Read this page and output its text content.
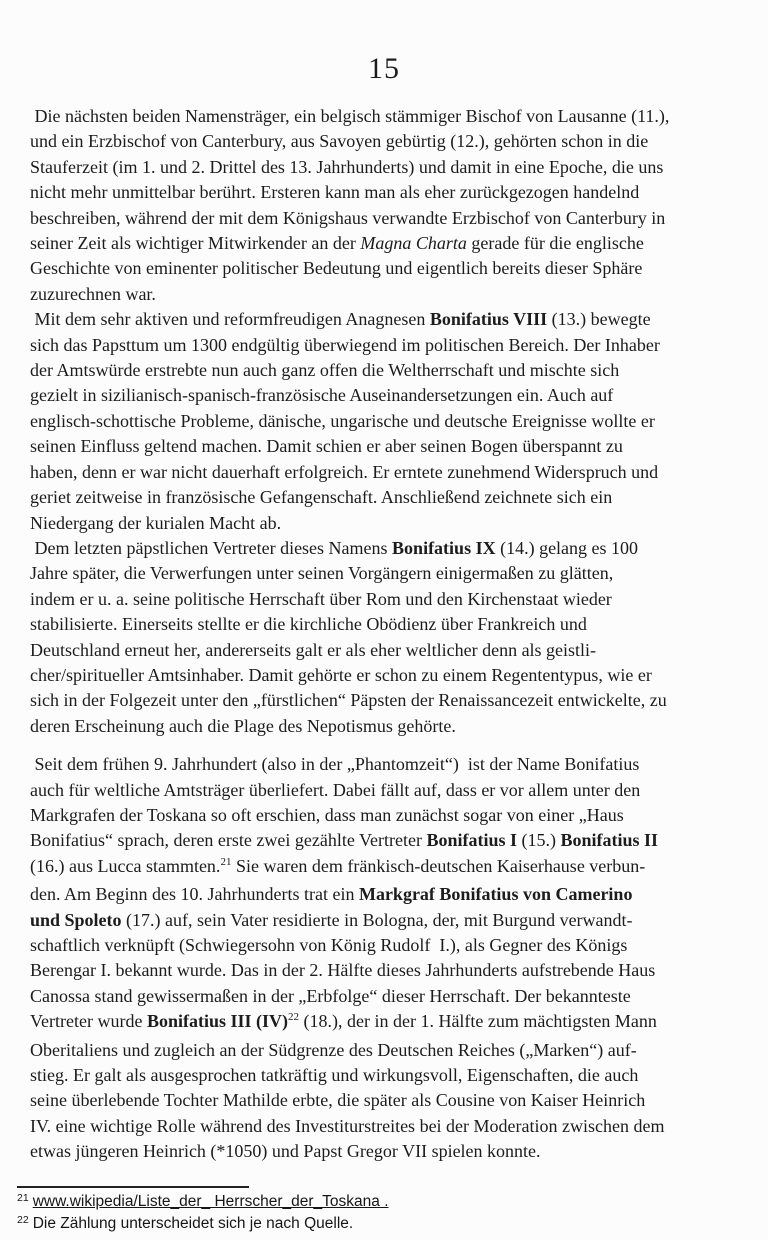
15
Die nächsten beiden Namensträger, ein belgisch stämmiger Bischof von Lausanne (11.),
und ein Erzbischof von Canterbury, aus Savoyen gebürtig (12.), gehörten schon in die
Stauferzeit (im 1. und 2. Drittel des 13. Jahrhunderts) und damit in eine Epoche, die uns
nicht mehr unmittelbar berührt. Ersteren kann man als eher zurückgezogen handelnd
beschreiben, während der mit dem Königshaus verwandte Erzbischof von Canterbury in
seiner Zeit als wichtiger Mitwirkender an der Magna Charta gerade für die englische
Geschichte von eminenter politischer Bedeutung und eigentlich bereits dieser Sphäre
zuzurechnen war.
Mit dem sehr aktiven und reformfreudigen Anagnesen Bonifatius VIII (13.) bewegte
sich das Papsttum um 1300 endgültig überwiegend im politischen Bereich. Der Inhaber
der Amtswürde erstrebte nun auch ganz offen die Weltherrschaft und mischte sich
gezielt in sizilianisch-spanisch-französische Auseinandersetzungen ein. Auch auf
englisch-schottische Probleme, dänische, ungarische und deutsche Ereignisse wollte er
seinen Einfluss geltend machen. Damit schien er aber seinen Bogen überspannt zu
haben, denn er war nicht dauerhaft erfolgreich. Er erntete zunehmend Widerspruch und
geriet zeitweise in französische Gefangenschaft. Anschließend zeichnete sich ein
Niedergang der kurialen Macht ab.
Dem letzten päpstlichen Vertreter dieses Namens Bonifatius IX (14.) gelang es 100
Jahre später, die Verwerfungen unter seinen Vorgängern einigermaßen zu glätten,
indem er u. a. seine politische Herrschaft über Rom und den Kirchenstaat wieder
stabilisierte. Einerseits stellte er die kirchliche Obödienz über Frankreich und
Deutschland erneut her, andererseits galt er als eher weltlicher denn als geistli-
cher/spiritueller Amtsinhaber. Damit gehörte er schon zu einem Regententypus, wie er
sich in der Folgezeit unter den „fürstlichen“ Päpsten der Renaissancezeit entwickelte, zu
deren Erscheinung auch die Plage des Nepotismus gehörte.
Seit dem frühen 9. Jahrhundert (also in der „Phantomzeit“)  ist der Name Bonifatius
auch für weltliche Amtsträger überliefert. Dabei fällt auf, dass er vor allem unter den
Markgrafen der Toskana so oft erschien, dass man zunächst sogar von einer „Haus
Bonifatius“ sprach, deren erste zwei gezählte Vertreter Bonifatius I (15.) Bonifatius II
(16.) aus Lucca stammten.$^{21}$ Sie waren dem fränkisch-deutschen Kaiserhause verbun-
den. Am Beginn des 10. Jahrhunderts trat ein Markgraf Bonifatius von Camerino
und Spoleto (17.) auf, sein Vater residierte in Bologna, der, mit Burgund verwandt-
schaftlich verknüpft (Schwiegersohn von König Rudolf  I.), als Gegner des Königs
Berengar I. bekannt wurde. Das in der 2. Hälfte dieses Jahrhunderts aufstrebende Haus
Canossa stand gewissermaßen in der „Erbfolge“ dieser Herrschaft. Der bekannteste
Vertreter wurde Bonifatius III (IV)$^{22}$ (18.), der in der 1. Hälfte zum mächtigsten Mann
Oberitaliens und zugleich an der Südgrenze des Deutschen Reiches („Marken“) auf-
stieg. Er galt als ausgesprochen tatkräftig und wirkungsvoll, Eigenschaften, die auch
seine überlebende Tochter Mathilde erbte, die später als Cousine von Kaiser Heinrich
IV. eine wichtige Rolle während des Investiturstreites bei der Moderation zwischen dem
etwas jüngeren Heinrich (*1050) und Papst Gregor VII spielen konnte.
$^{21}$ www.wikipedia/Liste_der_ Herrscher_der_Toskana .
$^{22}$ Die Zählung unterscheidet sich je nach Quelle.
